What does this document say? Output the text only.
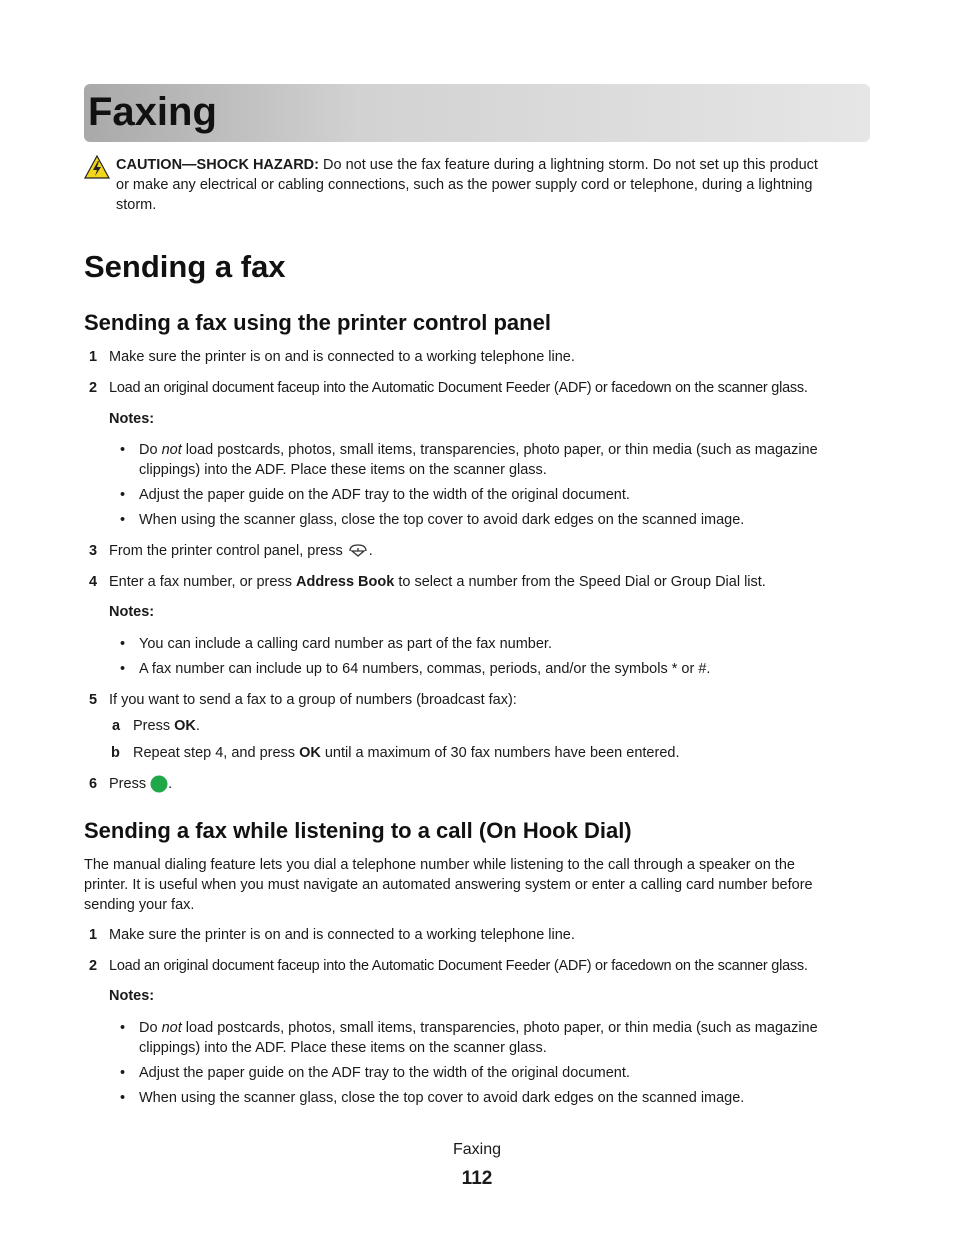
Faxing
CAUTION—SHOCK HAZARD: Do not use the fax feature during a lightning storm. Do not set up this product
or make any electrical or cabling connections, such as the power supply cord or telephone, during a lightning
storm.
Sending a fax
Sending a fax using the printer control panel
1 Make sure the printer is on and is connected to a working telephone line.
2 Load an original document faceup into the Automatic Document Feeder (ADF) or facedown on the scanner glass.
Notes:
• Do not load postcards, photos, small items, transparencies, photo paper, or thin media (such as magazine
clippings) into the ADF. Place these items on the scanner glass.
• Adjust the paper guide on the ADF tray to the width of the original document.
• When using the scanner glass, close the top cover to avoid dark edges on the scanned image.
3 From the printer control panel, press .
4 Enter a fax number, or press Address Book to select a number from the Speed Dial or Group Dial list.
Notes:
• You can include a calling card number as part of the fax number.
• A fax number can include up to 64 numbers, commas, periods, and/or the symbols * or #.
5 If you want to send a fax to a group of numbers (broadcast fax):
a Press OK.
b Repeat step 4, and press OK until a maximum of 30 fax numbers have been entered.
6 Press .
Sending a fax while listening to a call (On Hook Dial)
The manual dialing feature lets you dial a telephone number while listening to the call through a speaker on the
printer. It is useful when you must navigate an automated answering system or enter a calling card number before
sending your fax.
1 Make sure the printer is on and is connected to a working telephone line.
2 Load an original document faceup into the Automatic Document Feeder (ADF) or facedown on the scanner glass.
Notes:
• Do not load postcards, photos, small items, transparencies, photo paper, or thin media (such as magazine
clippings) into the ADF. Place these items on the scanner glass.
• Adjust the paper guide on the ADF tray to the width of the original document.
• When using the scanner glass, close the top cover to avoid dark edges on the scanned image.
Faxing
112
